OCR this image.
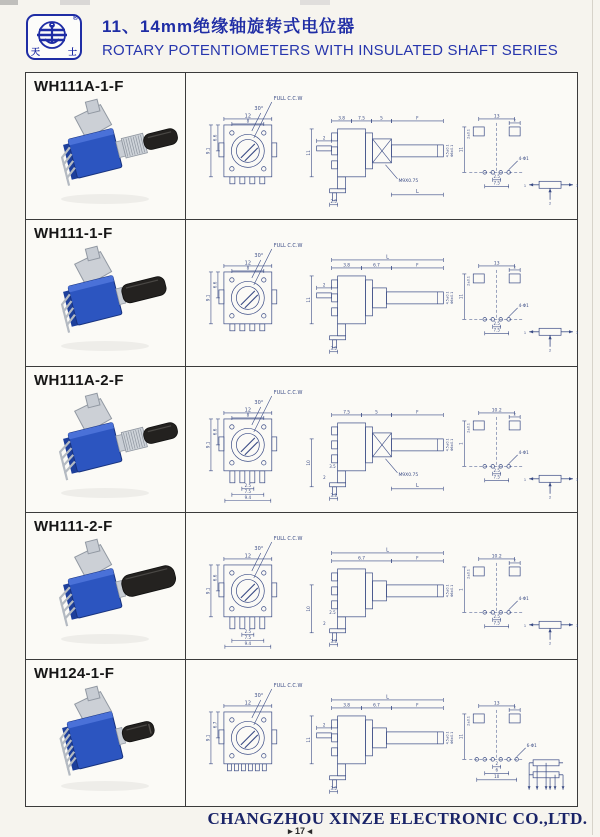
®
天	士
11、14mm绝缘轴旋转式电位器
ROTARY POTENTIOMETERS WITH INSULATED SHAFT SERIES
WH111A-1-F
12
8
6.6
9.1
30°
FULL C.C.W
2
2.5
M9X0.75
4.5±0.1 Φ6±0.1
3.8	7.5	5	F
L
11
13
2
2±0.1
11
2.5
7.5
4-Φ1
1	3
2
WH111-1-F
12
8
6.6
9.1
30°
FULL C.C.W
2
3.5
4.5±0.1 Φ6±0.1
3.8	6.7	F
L
11
13
2
2±0.1
11
2.5
7.5
4-Φ1
1	3
2
WH111A-2-F
12
8
6.6
9.1
2.5
7.5
9.4
30°
FULL C.C.W
3.3
2
3.5
M9X0.75
4.5±0.1 Φ6±0.1
7.5	5	F
L
10
10.2
2
2±0.1
1
2.5
7.5
4-Φ1
1	3
2
WH111-2-F
12
6.6
9.1
2.5
7.5
9.4
30°
FULL C.C.W
3.3
2
2.5
4.5±0.1 Φ6±0.1
6.7	F
L
10
10.2
2
2±0.1
1
2.5
7.5
4-Φ1
1	3
2
WH124-1-F
12
6.7
9.1
30°
FULL C.C.W
2
3.5
4.5±0.1 Φ6±0.1
3.8	6.7	F
L
11
13
2
2±0.1
11
2
6
10
6-Φ1
CHANGZHOU XINZE ELECTRONIC CO.,LTD.
▸ 17 ◂
